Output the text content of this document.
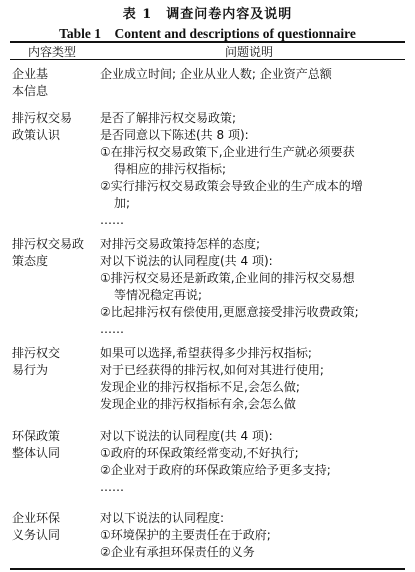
表 1　调查问卷内容及说明
Table 1　Content and descriptions of questionnaire
内容类型	问题说明
企业基
本信息
企业成立时间; 企业从业人数; 企业资产总额
排污权交易
政策认识
是否了解排污权交易政策;
是否同意以下陈述(共 8 项):
①在排污权交易政策下,企业进行生产就必须要获
得相应的排污权指标;
②实行排污权交易政策会导致企业的生产成本的增
加;
……
排污权交易政
策态度
对排污交易政策持怎样的态度;
对以下说法的认同程度(共 4 项):
①排污权交易还是新政策,企业间的排污权交易想
等情况稳定再说;
②比起排污权有偿使用,更愿意接受排污收费政策;
……
排污权交
易行为
如果可以选择,希望获得多少排污权指标;
对于已经获得的排污权,如何对其进行使用;
发现企业的排污权指标不足,会怎么做;
发现企业的排污权指标有余,会怎么做
环保政策
整体认同
对以下说法的认同程度(共 4 项):
①政府的环保政策经常变动,不好执行;
②企业对于政府的环保政策应给予更多支持;
……
企业环保
义务认同
对以下说法的认同程度:
①环境保护的主要责任在于政府;
②企业有承担环保责任的义务
